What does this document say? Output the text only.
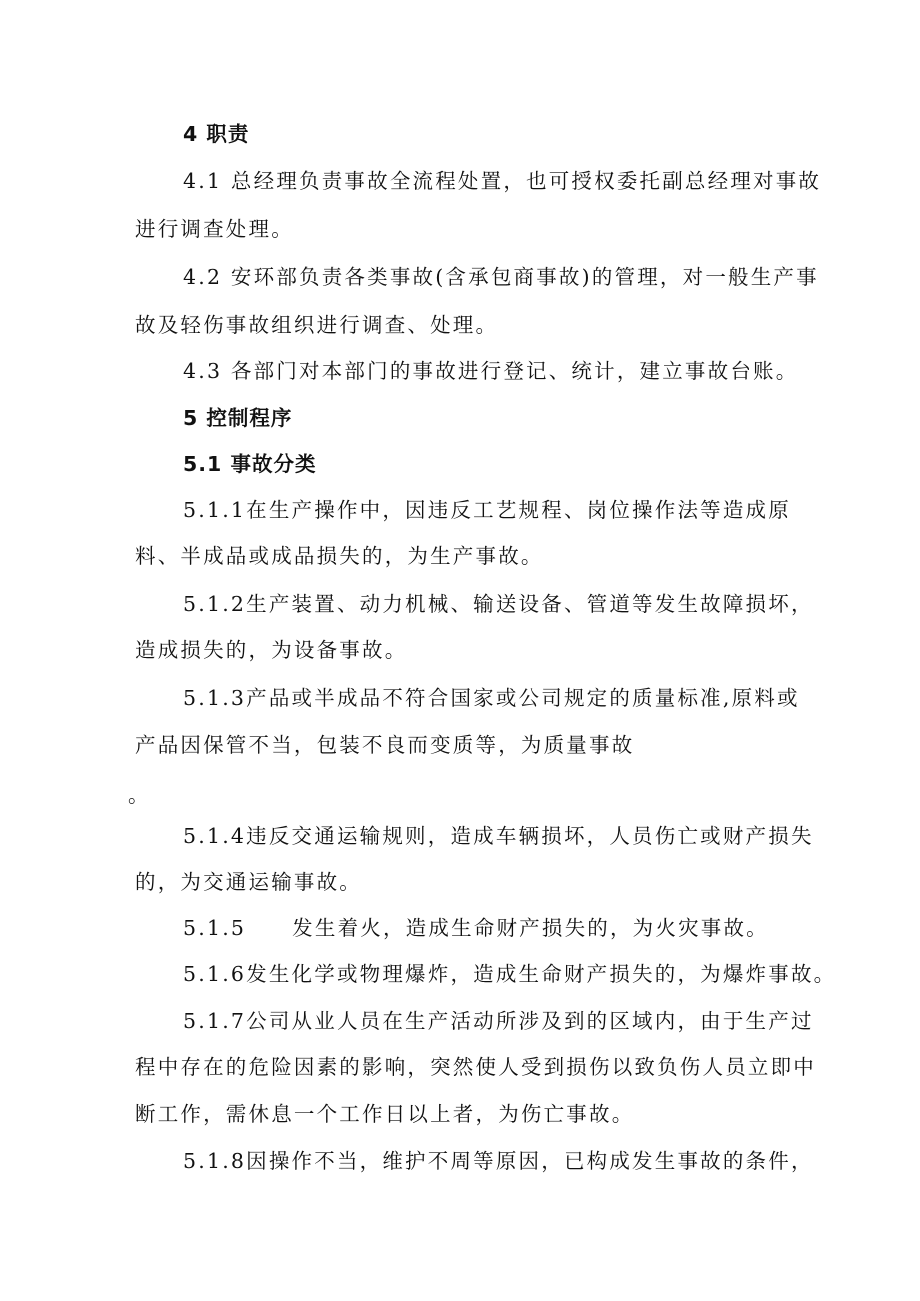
4 职责
4.1 总经理负责事故全流程处置，也可授权委托副总经理对事故
进行调查处理。
4.2 安环部负责各类事故(含承包商事故)的管理，对一般生产事
故及轻伤事故组织进行调查、处理。
4.3 各部门对本部门的事故进行登记、统计，建立事故台账。
5 控制程序
5.1 事故分类
5.1.1在生产操作中，因违反工艺规程、岗位操作法等造成原
料、半成品或成品损失的，为生产事故。
5.1.2生产装置、动力机械、输送设备、管道等发生故障损坏，
造成损失的，为设备事故。
5.1.3产品或半成品不符合国家或公司规定的质量标准,原料或
产品因保管不当，包装不良而变质等，为质量事故
。
5.1.4违反交通运输规则，造成车辆损坏，人员伤亡或财产损失
的，为交通运输事故。
5.1.5 发生着火，造成生命财产损失的，为火灾事故。
5.1.6发生化学或物理爆炸，造成生命财产损失的，为爆炸事故。
5.1.7公司从业人员在生产活动所涉及到的区域内，由于生产过
程中存在的危险因素的影响，突然使人受到损伤以致负伤人员立即中
断工作，需休息一个工作日以上者，为伤亡事故。
5.1.8因操作不当，维护不周等原因，已构成发生事故的条件，
